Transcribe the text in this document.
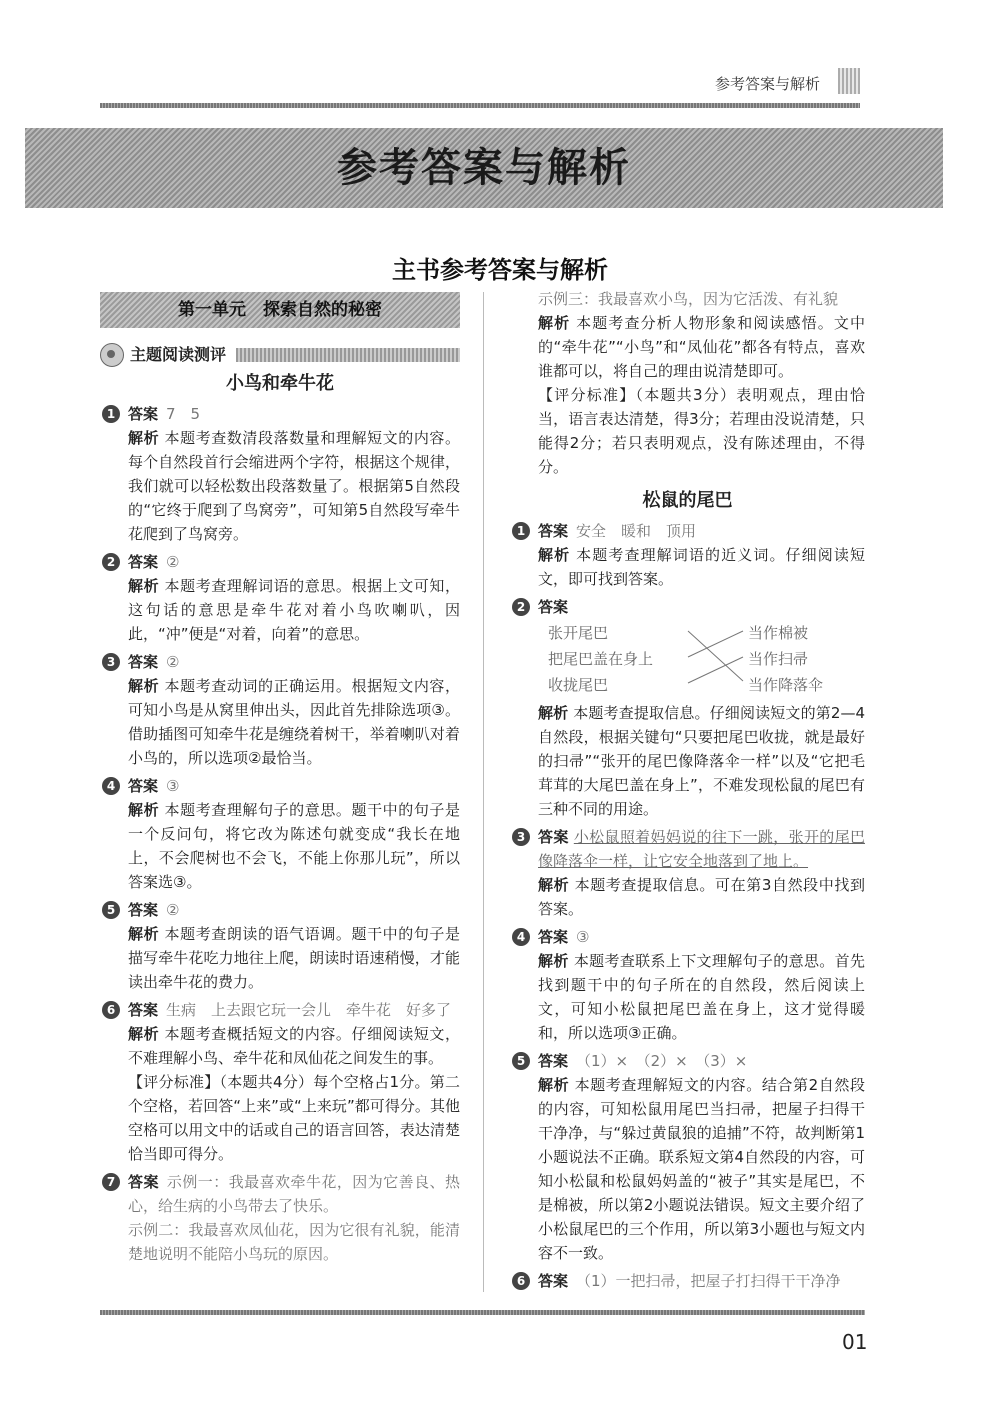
参考答案与解析
参考答案与解析
主书参考答案与解析
第一单元　探索自然的秘密
主题阅读测评
小鸟和牵牛花
1 答案 7　5
解析 本题考查数清段落数量和理解短文的内容。每个自然段首行会缩进两个字符，根据这个规律，我们就可以轻松数出段落数量了。根据第5自然段的“它终于爬到了鸟窝旁”，可知第5自然段写牵牛花爬到了鸟窝旁。
2 答案 ②
解析 本题考查理解词语的意思。根据上文可知，这句话的意思是牵牛花对着小鸟吹喇叭，因此，“冲”便是“对着，向着”的意思。
3 答案 ②
解析 本题考查动词的正确运用。根据短文内容，可知小鸟是从窝里伸出头，因此首先排除选项③。借助插图可知牵牛花是缠绕着树干，举着喇叭对着小鸟的，所以选项②最恰当。
4 答案 ③
解析 本题考查理解句子的意思。题干中的句子是一个反问句，将它改为陈述句就变成“我长在地上，不会爬树也不会飞，不能上你那儿玩”，所以答案选③。
5 答案 ②
解析 本题考查朗读的语气语调。题干中的句子是描写牵牛花吃力地往上爬，朗读时语速稍慢，才能读出牵牛花的费力。
6 答案 生病　上去跟它玩一会儿　牵牛花　好多了
解析 本题考查概括短文的内容。仔细阅读短文，不难理解小鸟、牵牛花和凤仙花之间发生的事。
【评分标准】（本题共4分）每个空格占1分。第二个空格，若回答“上来”或“上来玩”都可得分。其他空格可以用文中的话或自己的语言回答，表达清楚恰当即可得分。
7 答案 示例一：我最喜欢牵牛花，因为它善良、热心，给生病的小鸟带去了快乐。
示例二：我最喜欢凤仙花，因为它很有礼貌，能清楚地说明不能陪小鸟玩的原因。
示例三：我最喜欢小鸟，因为它活泼、有礼貌
解析 本题考查分析人物形象和阅读感悟。文中的“牵牛花”“小鸟”和“凤仙花”都各有特点，喜欢谁都可以，将自己的理由说清楚即可。
【评分标准】（本题共3分）表明观点，理由恰当，语言表达清楚，得3分；若理由没说清楚，只能得2分；若只表明观点，没有陈述理由，不得分。
松鼠的尾巴
1 答案 安全　暖和　顶用
解析 本题考查理解词语的近义词。仔细阅读短文，即可找到答案。
2 答案
张开尾巴
把尾巴盖在身上
收拢尾巴
当作棉被
当作扫帚
当作降落伞
解析 本题考查提取信息。仔细阅读短文的第2—4自然段，根据关键句“只要把尾巴收拢，就是最好的扫帚”“张开的尾巴像降落伞一样”以及“它把毛茸茸的大尾巴盖在身上”，不难发现松鼠的尾巴有三种不同的用途。
3 答案 小松鼠照着妈妈说的往下一跳，张开的尾巴像降落伞一样，让它安全地落到了地上。
解析 本题考查提取信息。可在第3自然段中找到答案。
4 答案 ③
解析 本题考查联系上下文理解句子的意思。首先找到题干中的句子所在的自然段，然后阅读上文，可知小松鼠把尾巴盖在身上，这才觉得暖和，所以选项③正确。
5 答案 （1）×　（2）×　（3）×
解析 本题考查理解短文的内容。结合第2自然段的内容，可知松鼠用尾巴当扫帚，把屋子扫得干干净净，与“躲过黄鼠狼的追捕”不符，故判断第1小题说法不正确。联系短文第4自然段的内容，可知小松鼠和松鼠妈妈盖的“被子”其实是尾巴，不是棉被，所以第2小题说法错误。短文主要介绍了小松鼠尾巴的三个作用，所以第3小题也与短文内容不一致。
6 答案 （1）一把扫帚，把屋子打扫得干干净净
01
